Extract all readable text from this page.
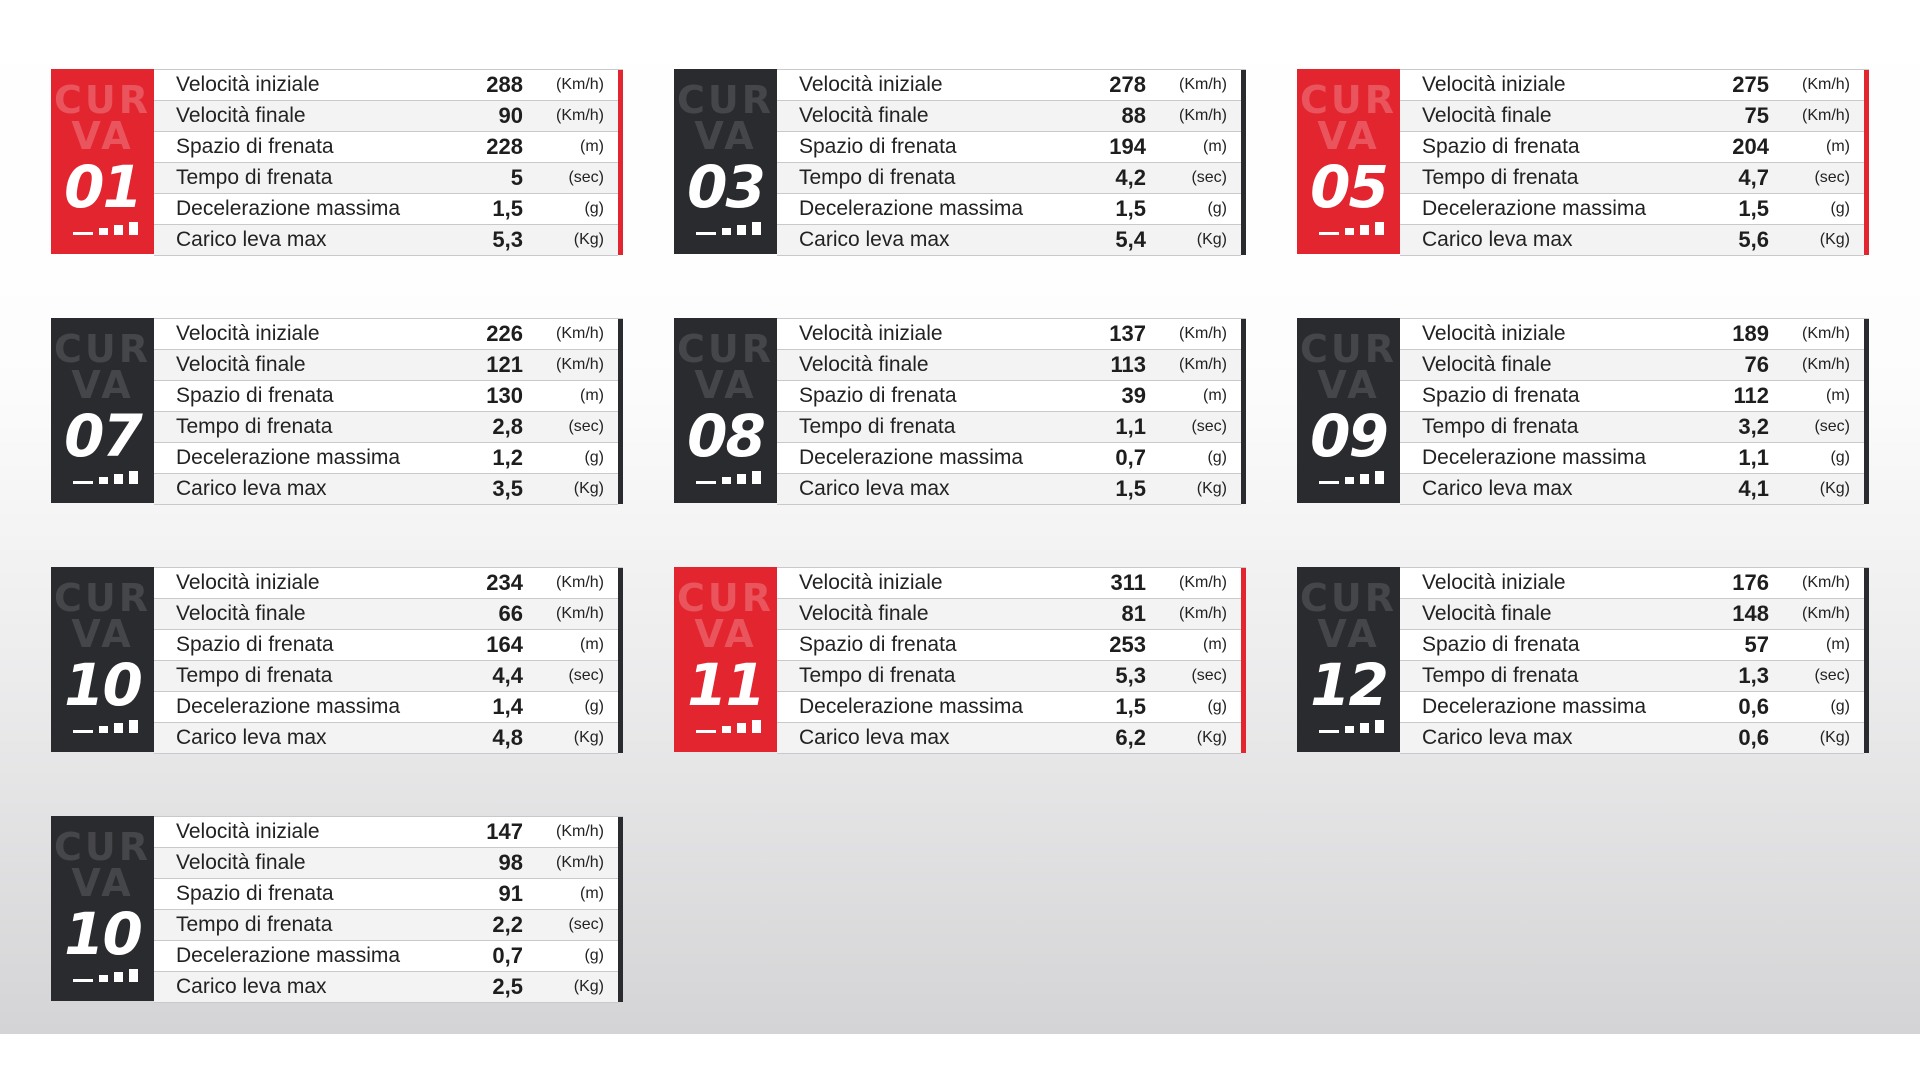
CUR
VA
01
Velocità iniziale	288 (Km/h)
Velocità finale	90 (Km/h)
Spazio di frenata	228	(m)
Tempo di frenata	5	(sec)
Decelerazione massima	1,5	(g)
Carico leva max	5,3	(Kg)
CUR
VA
03
Velocità iniziale	278 (Km/h)
Velocità finale	88 (Km/h)
Spazio di frenata	194	(m)
Tempo di frenata	4,2	(sec)
Decelerazione massima	1,5	(g)
Carico leva max	5,4	(Kg)
CUR
VA
05
Velocità iniziale	275 (Km/h)
Velocità finale	75 (Km/h)
Spazio di frenata	204	(m)
Tempo di frenata	4,7	(sec)
Decelerazione massima	1,5	(g)
Carico leva max	5,6	(Kg)
CUR
VA
07
Velocità iniziale	226 (Km/h)
Velocità finale	121 (Km/h)
Spazio di frenata	130	(m)
Tempo di frenata	2,8	(sec)
Decelerazione massima	1,2	(g)
Carico leva max	3,5	(Kg)
CUR
VA
08
Velocità iniziale	137 (Km/h)
Velocità finale	113 (Km/h)
Spazio di frenata	39	(m)
Tempo di frenata	1,1	(sec)
Decelerazione massima	0,7	(g)
Carico leva max	1,5	(Kg)
CUR
VA
09
Velocità iniziale	189 (Km/h)
Velocità finale	76 (Km/h)
Spazio di frenata	112	(m)
Tempo di frenata	3,2	(sec)
Decelerazione massima	1,1	(g)
Carico leva max	4,1	(Kg)
CUR
VA
10
Velocità iniziale	234 (Km/h)
Velocità finale	66 (Km/h)
Spazio di frenata	164	(m)
Tempo di frenata	4,4	(sec)
Decelerazione massima	1,4	(g)
Carico leva max	4,8	(Kg)
CUR
VA
11
Velocità iniziale	311 (Km/h)
Velocità finale	81 (Km/h)
Spazio di frenata	253	(m)
Tempo di frenata	5,3	(sec)
Decelerazione massima	1,5	(g)
Carico leva max	6,2	(Kg)
CUR
VA
12
Velocità iniziale	176 (Km/h)
Velocità finale	148 (Km/h)
Spazio di frenata	57	(m)
Tempo di frenata	1,3	(sec)
Decelerazione massima	0,6	(g)
Carico leva max	0,6	(Kg)
CUR
VA
10
Velocità iniziale	147 (Km/h)
Velocità finale	98 (Km/h)
Spazio di frenata	91	(m)
Tempo di frenata	2,2	(sec)
Decelerazione massima	0,7	(g)
Carico leva max	2,5	(Kg)
